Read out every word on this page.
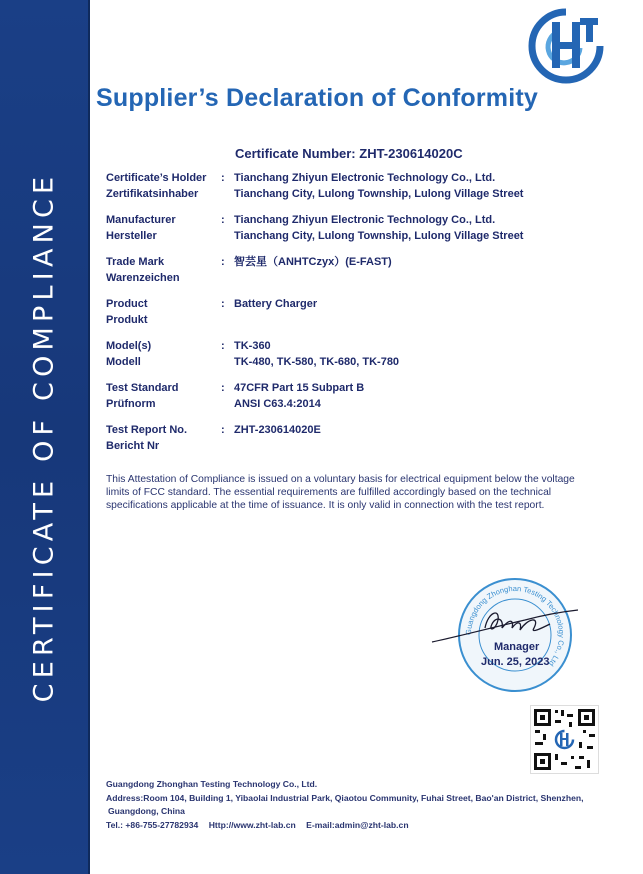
CERTIFICATE OF COMPLIANCE
Supplier’s Declaration of Conformity
Certificate Number: ZHT-230614020C
Certificate’s Holder
Zertifikatsinhaber
: Tianchang Zhiyun Electronic Technology Co., Ltd.
Tianchang City, Lulong Township, Lulong Village Street
Manufacturer
Hersteller
: Tianchang Zhiyun Electronic Technology Co., Ltd.
Tianchang City, Lulong Township, Lulong Village Street
Trade Mark
Warenzeichen
: 智芸星（ANHTCzyx）(E-FAST)
Product
Produkt
: Battery Charger
Model(s)
Modell
: TK-360
TK-480, TK-580, TK-680, TK-780
Test Standard
Prüfnorm
: 47CFR Part 15 Subpart B
ANSI C63.4:2014
Test Report No.
Bericht Nr
: ZHT-230614020E
This Attestation of Compliance is issued on a voluntary basis for electrical equipment below the voltage limits of FCC standard. The essential requirements are fulfilled accordingly based on the technical specifications applicable at the time of issuance. It is only valid in connection with the test report.
Guangdong Zhonghan Testing Technology Co., Ltd
Manager
Jun. 25, 2023
Guangdong Zhonghan Testing Technology Co., Ltd.
Address:Room 104, Building 1, Yibaolai Industrial Park, Qiaotou Community, Fuhai Street, Bao'an District, Shenzhen,
Guangdong, China
Tel.: +86-755-27782934 Http://www.zht-lab.cn E-mail:admin@zht-lab.cn
